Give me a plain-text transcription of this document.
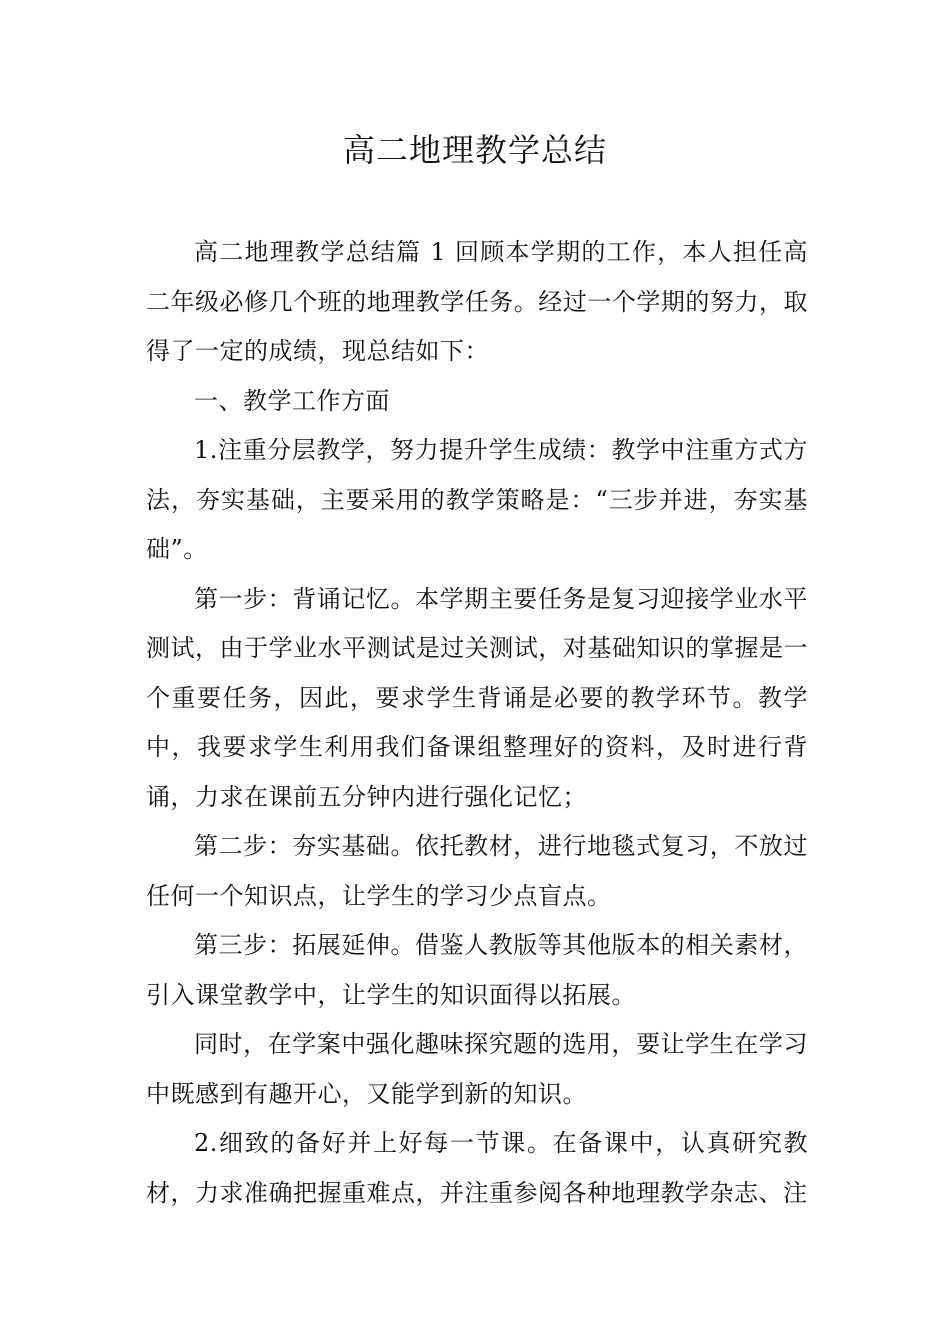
高二地理教学总结

高二地理教学总结篇 1 回顾本学期的工作，本人担任高二年级必修几个班的地理教学任务。经过一个学期的努力，取得了一定的成绩，现总结如下：

一、教学工作方面

1.注重分层教学，努力提升学生成绩：教学中注重方式方法，夯实基础，主要采用的教学策略是：“三步并进，夯实基础”。

第一步：背诵记忆。本学期主要任务是复习迎接学业水平测试，由于学业水平测试是过关测试，对基础知识的掌握是一个重要任务，因此，要求学生背诵是必要的教学环节。教学中，我要求学生利用我们备课组整理好的资料，及时进行背诵，力求在课前五分钟内进行强化记忆；

第二步：夯实基础。依托教材，进行地毯式复习，不放过任何一个知识点，让学生的学习少点盲点。

第三步：拓展延伸。借鉴人教版等其他版本的相关素材，引入课堂教学中，让学生的知识面得以拓展。

同时，在学案中强化趣味探究题的选用，要让学生在学习中既感到有趣开心，又能学到新的知识。

2.细致的备好并上好每一节课。在备课中，认真研究教材，力求准确把握重难点，并注重参阅各种地理教学杂志、注
